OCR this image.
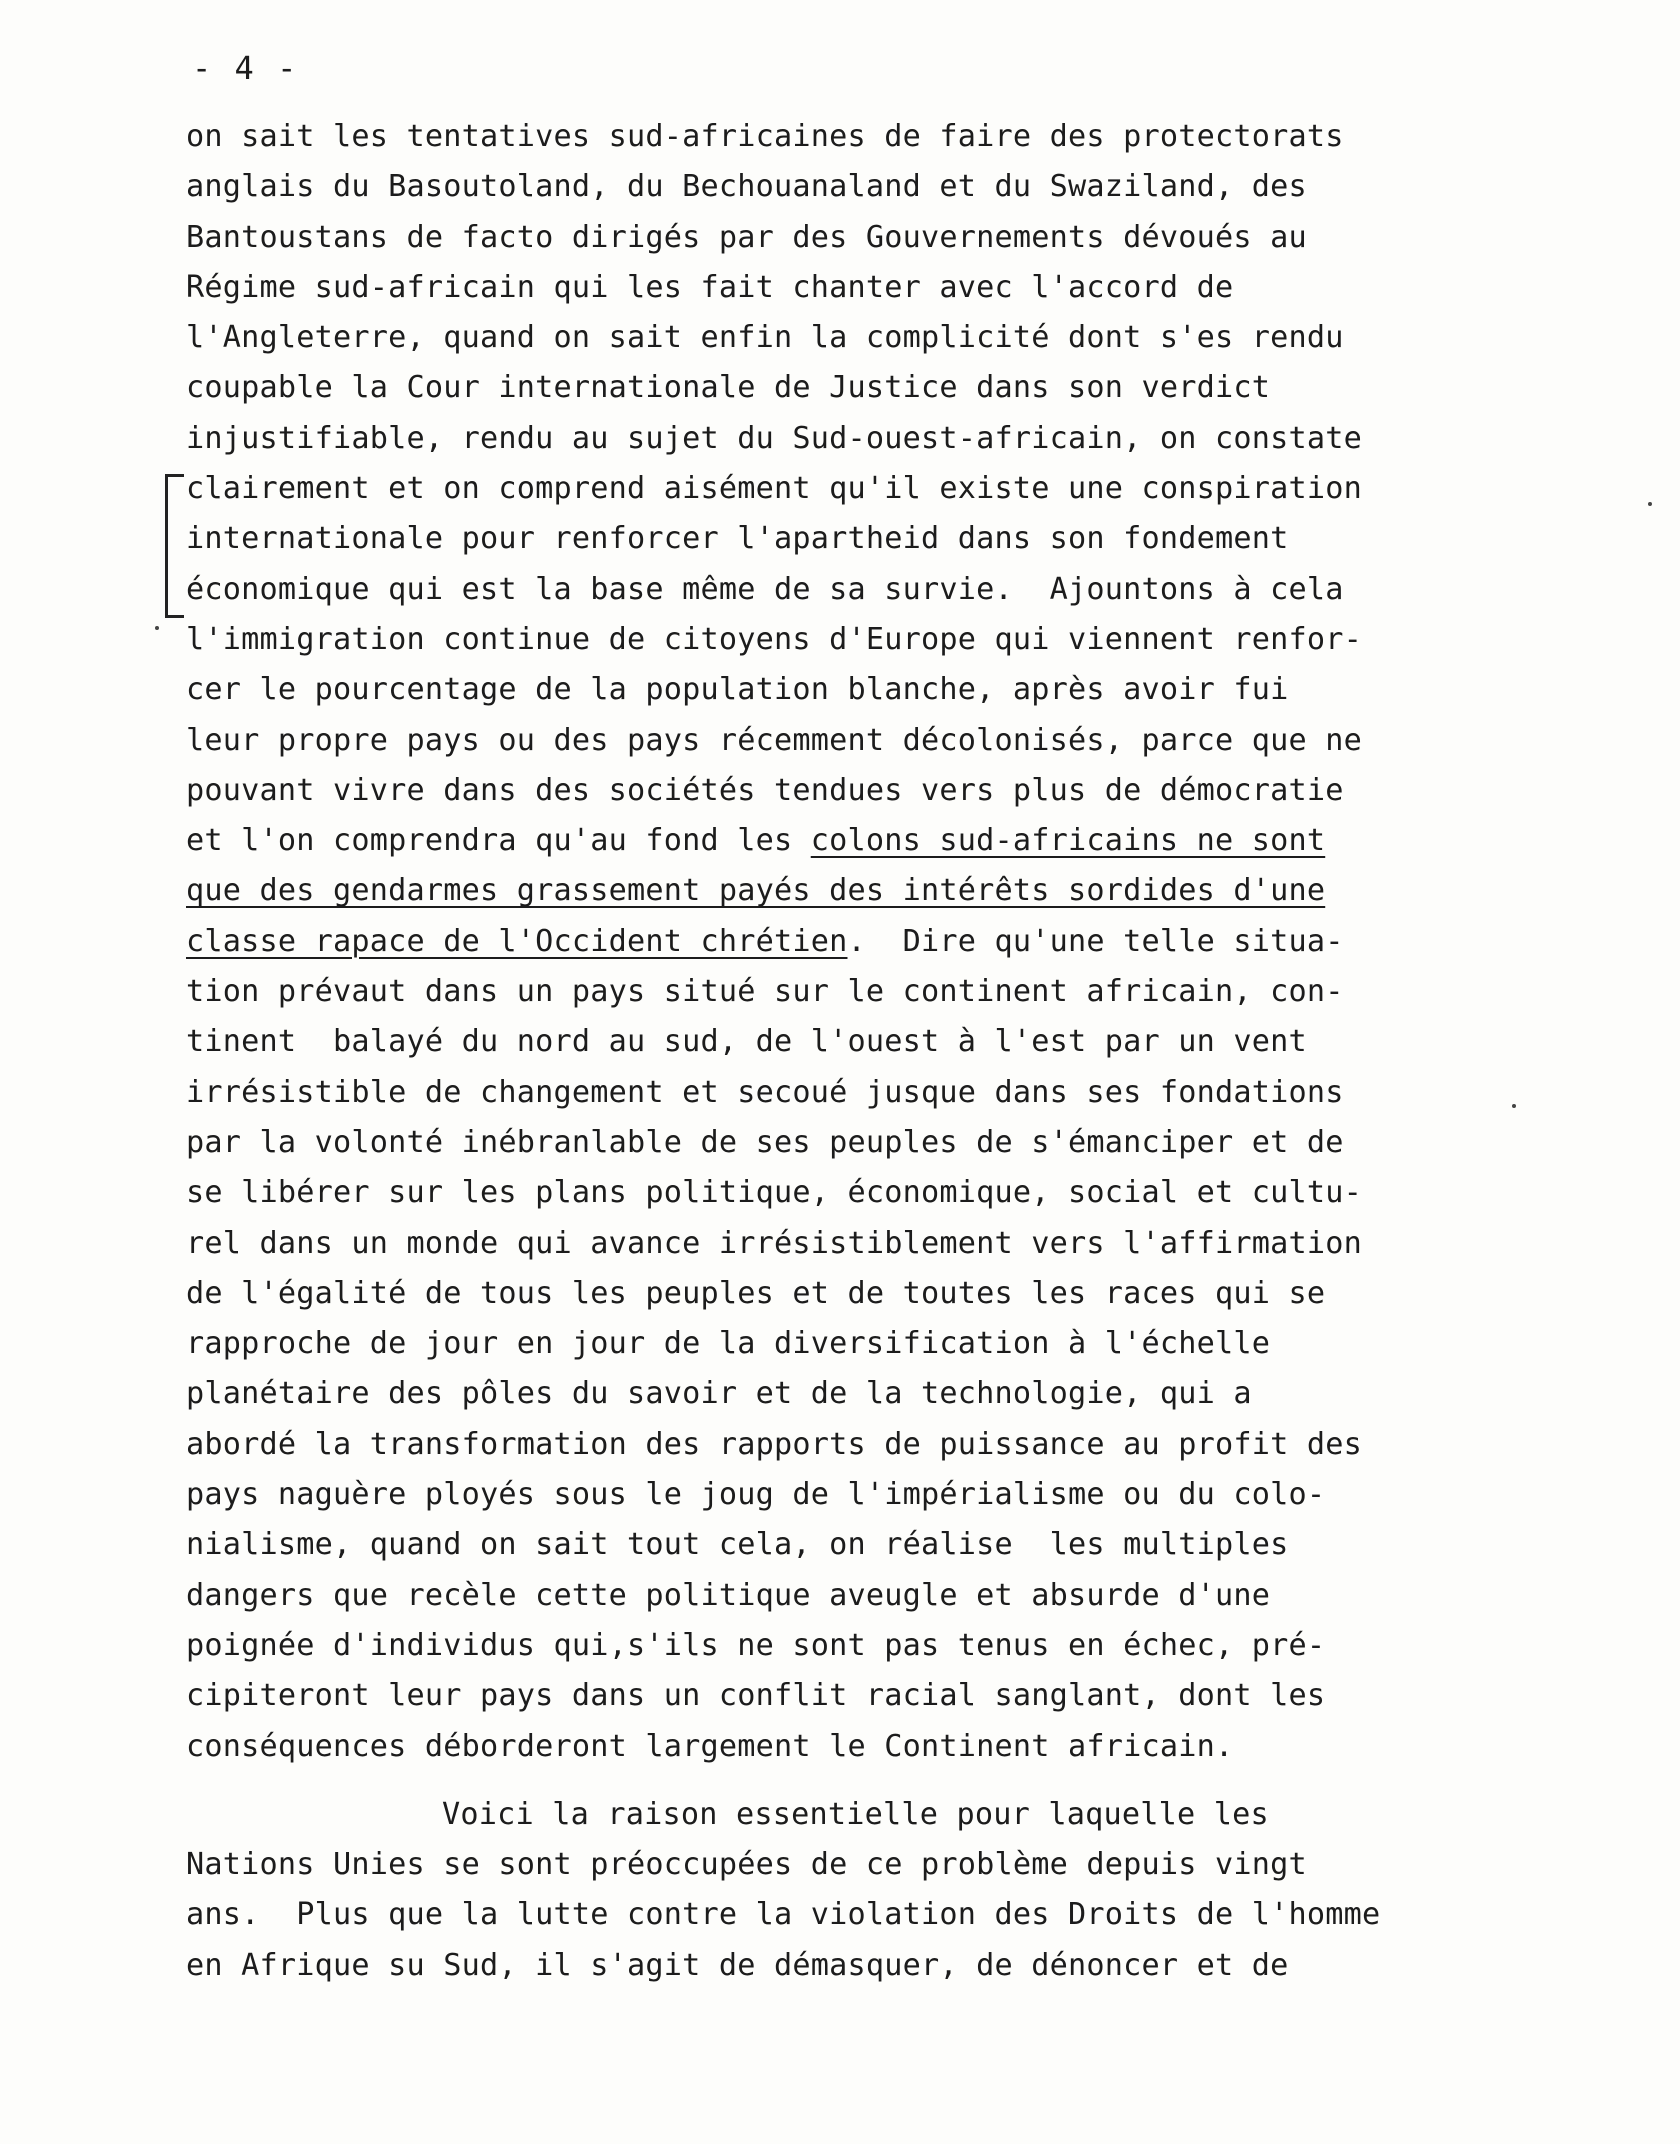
- 4 -
on sait les tentatives sud-africaines de faire des protectorats
anglais du Basoutoland, du Bechouanaland et du Swaziland, des
Bantoustans de facto dirigés par des Gouvernements dévoués au
Régime sud-africain qui les fait chanter avec l'accord de
l'Angleterre, quand on sait enfin la complicité dont s'es rendu
coupable la Cour internationale de Justice dans son verdict
injustifiable, rendu au sujet du Sud-ouest-africain, on constate
clairement et on comprend aisément qu'il existe une conspiration
internationale pour renforcer l'apartheid dans son fondement
économique qui est la base même de sa survie.  Ajountons à cela
l'immigration continue de citoyens d'Europe qui viennent renfor-
cer le pourcentage de la population blanche, après avoir fui
leur propre pays ou des pays récemment décolonisés, parce que ne
pouvant vivre dans des sociétés tendues vers plus de démocratie
et l'on comprendra qu'au fond les colons sud-africains ne sont
que des gendarmes grassement payés des intérêts sordides d'une
classe rapace de l'Occident chrétien.  Dire qu'une telle situa-
tion prévaut dans un pays situé sur le continent africain, con-
tinent  balayé du nord au sud, de l'ouest à l'est par un vent
irrésistible de changement et secoué jusque dans ses fondations
par la volonté inébranlable de ses peuples de s'émanciper et de
se libérer sur les plans politique, économique, social et cultu-
rel dans un monde qui avance irrésistiblement vers l'affirmation
de l'égalité de tous les peuples et de toutes les races qui se
rapproche de jour en jour de la diversification à l'échelle
planétaire des pôles du savoir et de la technologie, qui a
abordé la transformation des rapports de puissance au profit des
pays naguère ployés sous le joug de l'impérialisme ou du colo-
nialisme, quand on sait tout cela, on réalise  les multiples
dangers que recèle cette politique aveugle et absurde d'une
poignée d'individus qui,s'ils ne sont pas tenus en échec, pré-
cipiteront leur pays dans un conflit racial sanglant, dont les
conséquences déborderont largement le Continent africain.
Voici la raison essentielle pour laquelle les
Nations Unies se sont préoccupées de ce problème depuis vingt
ans.  Plus que la lutte contre la violation des Droits de l'homme
en Afrique su Sud, il s'agit de démasquer, de dénoncer et de
